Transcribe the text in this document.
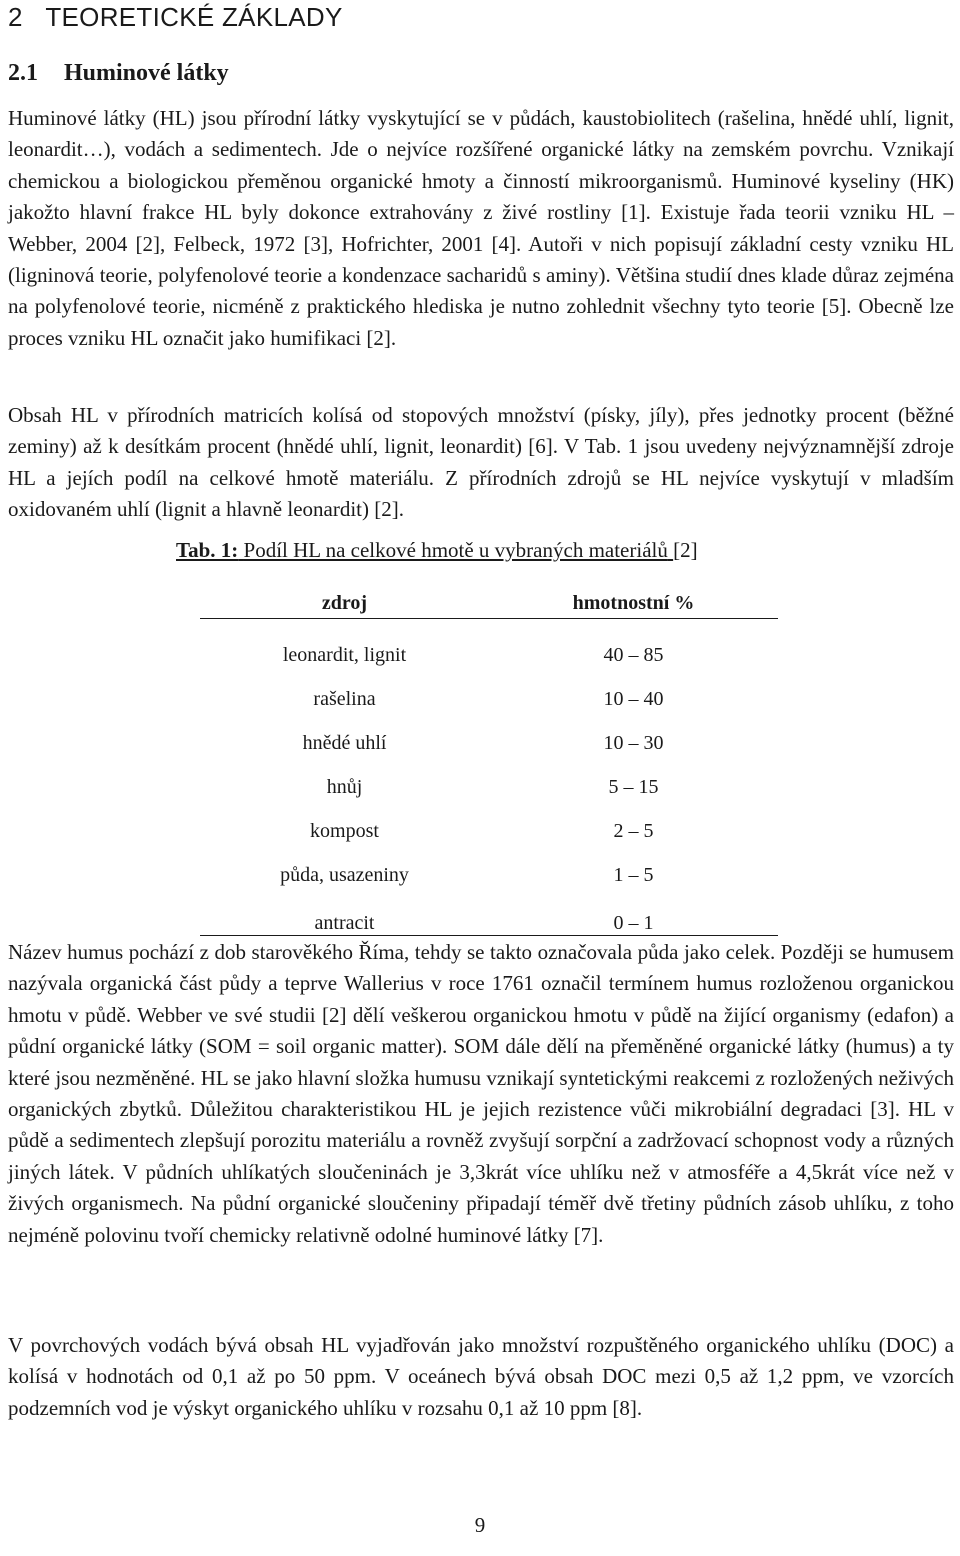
2 TEORETICKÉ ZÁKLADY
2.1 Huminové látky

Huminové látky (HL) jsou přírodní látky vyskytující se v půdách, kaustobiolitech (rašelina, hnědé uhlí, lignit, leonardit…), vodách a sedimentech. Jde o nejvíce rozšířené organické látky na zemském povrchu. Vznikají chemickou a biologickou přeměnou organické hmoty a činností mikroorganismů. Huminové kyseliny (HK) jakožto hlavní frakce HL byly dokonce extrahovány z živé rostliny [1]. Existuje řada teorii vzniku HL – Webber, 2004 [2], Felbeck, 1972 [3], Hofrichter, 2001 [4]. Autoři v nich popisují základní cesty vzniku HL (ligninová teorie, polyfenolové teorie a kondenzace sacharidů s aminy). Většina studií dnes klade důraz zejména na polyfenolové teorie, nicméně z praktického hlediska je nutno zohlednit všechny tyto teorie [5]. Obecně lze proces vzniku HL označit jako humifikaci [2].

Obsah HL v přírodních matricích kolísá od stopových množství (písky, jíly), přes jednotky procent (běžné zeminy) až k desítkám procent (hnědé uhlí, lignit, leonardit) [6]. V Tab. 1 jsou uvedeny nejvýznamnější zdroje HL a jejích podíl na celkové hmotě materiálu. Z přírodních zdrojů se HL nejvíce vyskytují v mladším oxidovaném uhlí (lignit a hlavně leonardit) [2].

Tab. 1: Podíl HL na celkové hmotě u vybraných materiálů [2]
zdroj	hmotnostní %
leonardit, lignit	40 – 85
rašelina	10 – 40
hnědé uhlí	10 – 30
hnůj	5 – 15
kompost	2 – 5
půda, usazeniny	1 – 5
antracit	0 – 1

Název humus pochází z dob starověkého Říma, tehdy se takto označovala půda jako celek. Později se humusem nazývala organická část půdy a teprve Wallerius v roce 1761 označil termínem humus rozloženou organickou hmotu v půdě. Webber ve své studii [2] dělí veškerou organickou hmotu v půdě na žijící organismy (edafon) a půdní organické látky (SOM = soil organic matter). SOM dále dělí na přeměněné organické látky (humus) a ty které jsou nezměněné. HL se jako hlavní složka humusu vznikají syntetickými reakcemi z rozložených neživých organických zbytků. Důležitou charakteristikou HL je jejich rezistence vůči mikrobiální degradaci [3]. HL v půdě a sedimentech zlepšují porozitu materiálu a rovněž zvyšují sorpční a zadržovací schopnost vody a různých jiných látek. V půdních uhlíkatých sloučeninách je 3,3krát více uhlíku než v atmosféře a 4,5krát více než v živých organismech. Na půdní organické sloučeniny připadají téměř dvě třetiny půdních zásob uhlíku, z toho nejméně polovinu tvoří chemicky relativně odolné huminové látky [7].

V povrchových vodách bývá obsah HL vyjadřován jako množství rozpuštěného organického uhlíku (DOC) a kolísá v hodnotách od 0,1 až po 50 ppm. V oceánech bývá obsah DOC mezi 0,5 až 1,2 ppm, ve vzorcích podzemních vod je výskyt organického uhlíku v rozsahu 0,1 až 10 ppm [8].

9
